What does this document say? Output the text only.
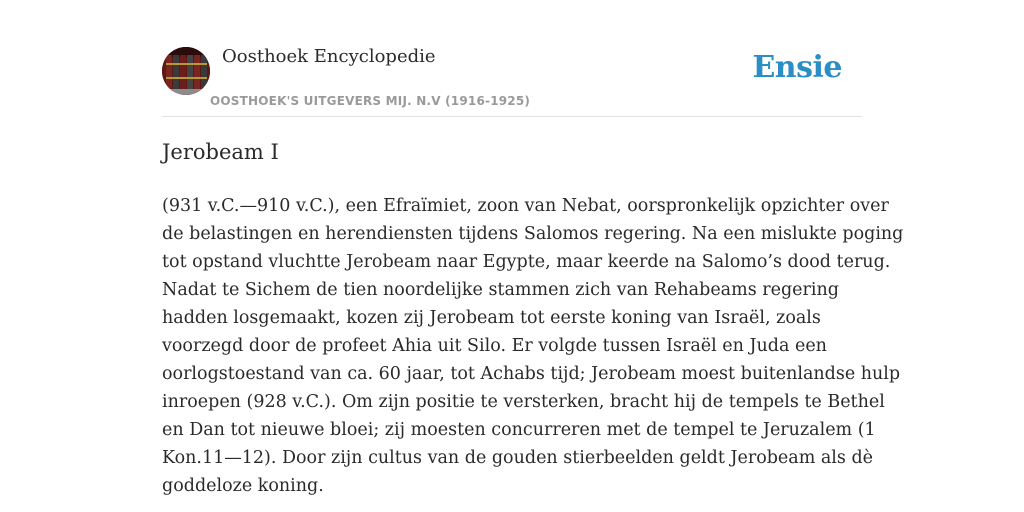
Oosthoek Encyclopedie
OOSTHOEK'S UITGEVERS MIJ. N.V (1916-1925)
Ensie
Jerobeam I
(931 v.C.—910 v.C.), een Efraïmiet, zoon van Nebat, oorspronkelijk opzichter over
de belastingen en herendiensten tijdens Salomos regering. Na een mislukte poging
tot opstand vluchtte Jerobeam naar Egypte, maar keerde na Salomo’s dood terug.
Nadat te Sichem de tien noordelijke stammen zich van Rehabeams regering
hadden losgemaakt, kozen zij Jerobeam tot eerste koning van Israël, zoals
voorzegd door de profeet Ahia uit Silo. Er volgde tussen Israël en Juda een
oorlogstoestand van ca. 60 jaar, tot Achabs tijd; Jerobeam moest buitenlandse hulp
inroepen (928 v.C.). Om zijn positie te versterken, bracht hij de tempels te Bethel
en Dan tot nieuwe bloei; zij moesten concurreren met de tempel te Jeruzalem (1
Kon.11—12). Door zijn cultus van de gouden stierbeelden geldt Jerobeam als dè
goddeloze koning.
